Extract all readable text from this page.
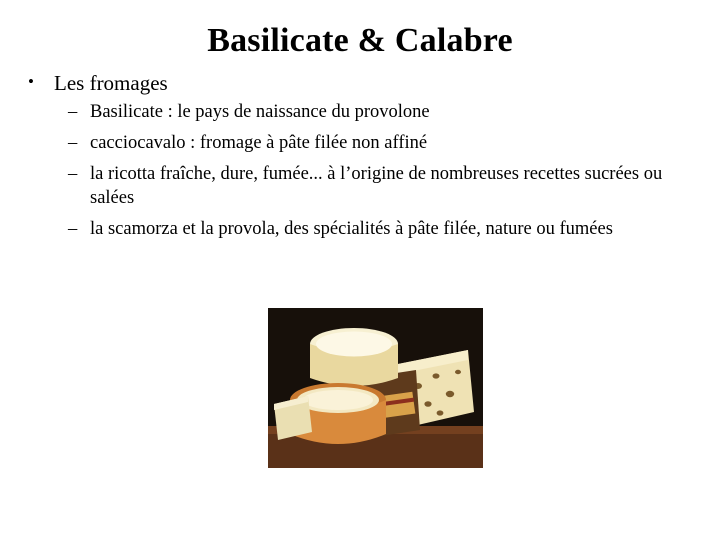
Basilicate & Calabre
• Les fromages
– Basilicate : le pays de naissance du provolone
– cacciocavalo : fromage à pâte filée non affiné
– la ricotta fraîche, dure, fumée... à l’origine de nombreuses recettes sucrées ou salées
– la scamorza et la provola, des spécialités à pâte filée, nature ou fumées
